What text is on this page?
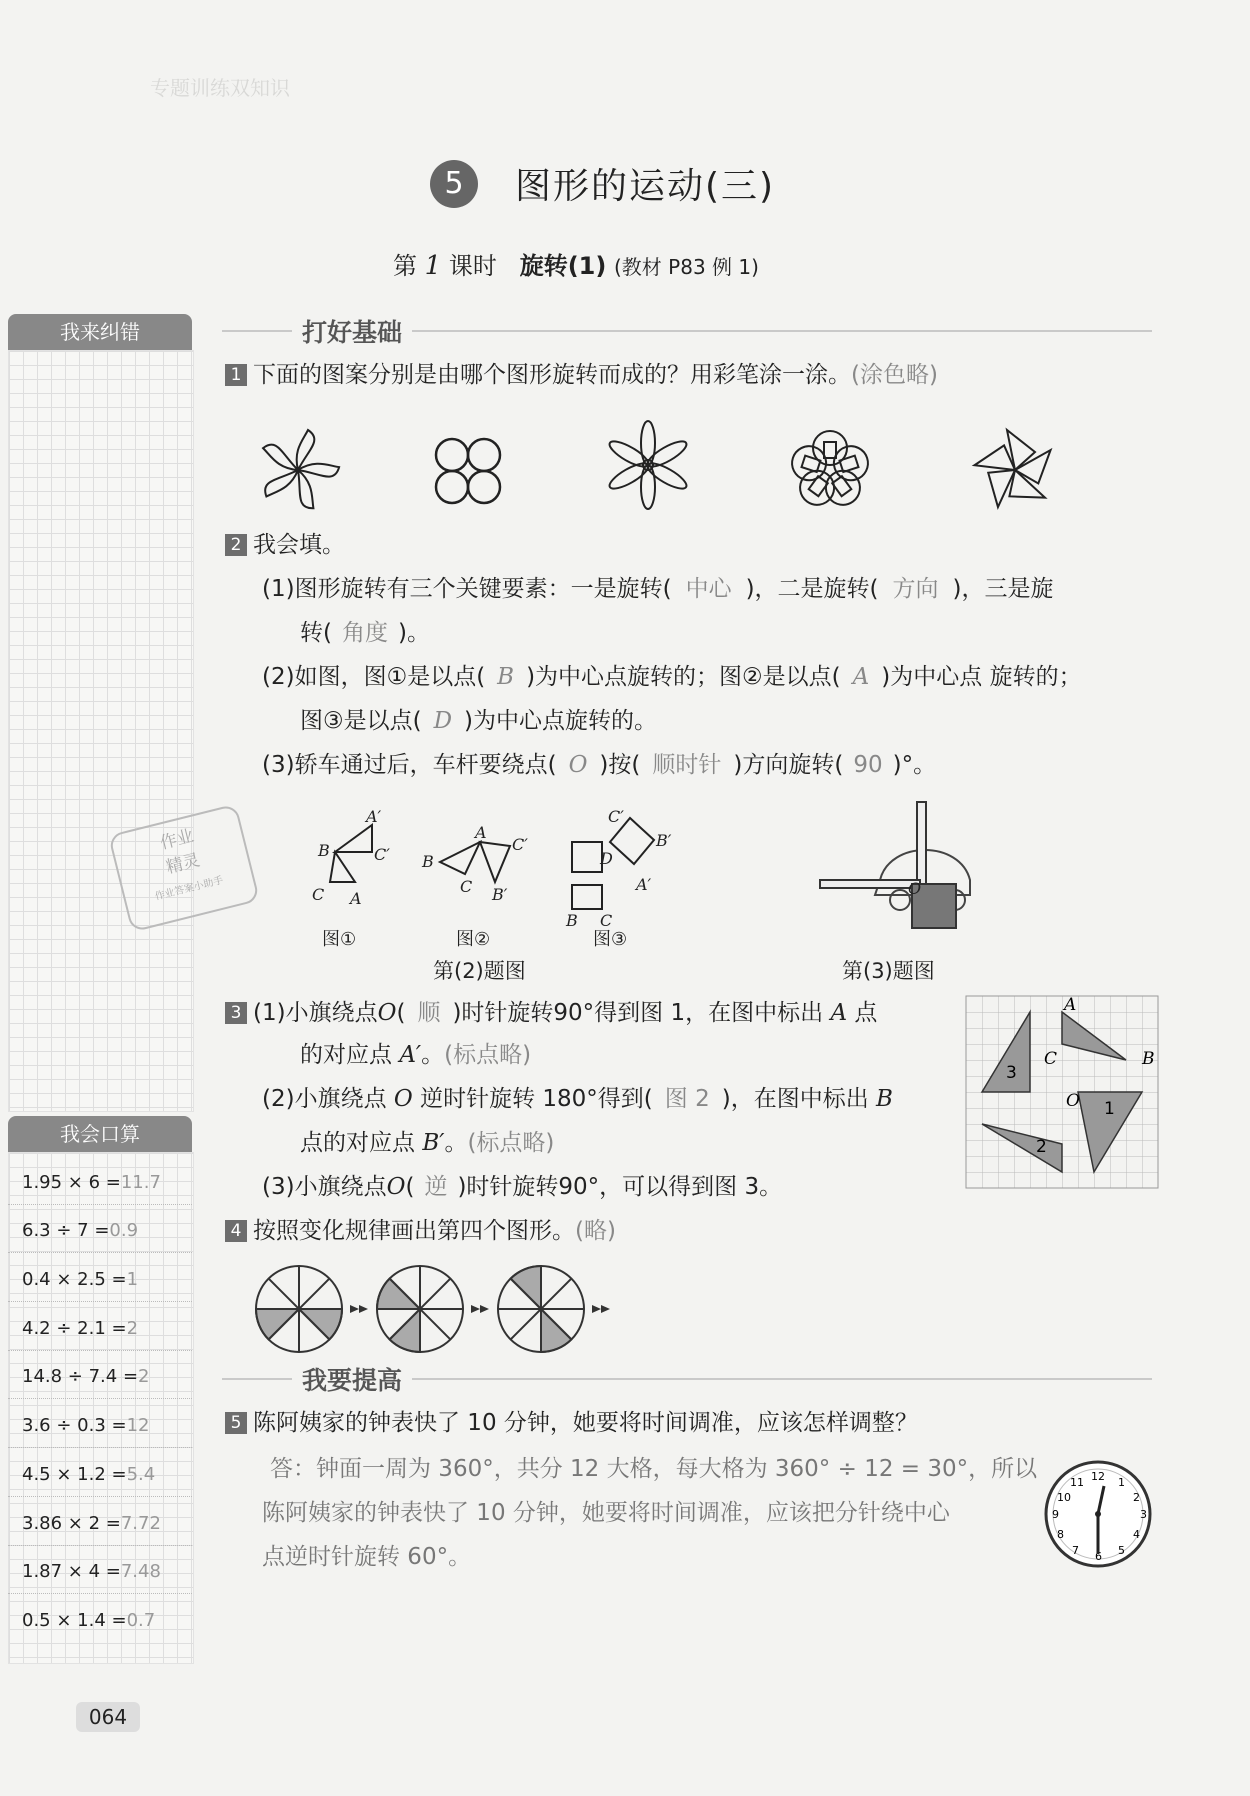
专题训练双知识
5	图形的运动(三)
第 1 课时 旋转(1) (教材 P83 例 1)
我来纠错
我会口算
1.95 × 6 =11.7
6.3 ÷ 7 =0.9
0.4 × 2.5 =1
4.2 ÷ 2.1 =2
14.8 ÷ 7.4 =2
3.6 ÷ 0.3 =12
4.5 × 1.2 =5.4
3.86 × 2 =7.72
1.87 × 4 =7.48
0.5 × 1.4 =0.7
作业
精灵
作业答案小助手
打好基础
1 下面的图案分别是由哪个图形旋转而成的？用彩笔涂一涂。(涂色略)
2 我会填。
(1)图形旋转有三个关键要素：一是旋转( 中心 )，二是旋转( 方向 )，三是旋
转( 角度 )。
(2)如图，图①是以点( B )为中心点旋转的；图②是以点( A )为中心点 旋转的；
图③是以点( D )为中心点旋转的。
(3)轿车通过后，车杆要绕点( O )按( 顺时针 )方向旋转( 90 )°。
A′
B	C′
C A
B
A
C′
C B′
C′
B′
D
B C
A′
图①	图②	图③
第(2)题图
O
第(3)题图
3 (1)小旗绕点O( 顺 )时针旋转90°得到图 1，在图中标出 A 点
的对应点 A′。(标点略)
(2)小旗绕点 O 逆时针旋转 180°得到( 图 2 )，在图中标出 B
点的对应点 B′。(标点略)
(3)小旗绕点O( 逆 )时针旋转90°，可以得到图 3。
A
B
C
O
3
1
2
4 按照变化规律画出第四个图形。(略)
我要提高
5 陈阿姨家的钟表快了 10 分钟，她要将时间调准，应该怎样调整？
答：钟面一周为 360°，共分 12 大格，每大格为 360° ÷ 12 = 30°，所以
陈阿姨家的钟表快了 10 分钟，她要将时间调准，应该把分针绕中心
点逆时针旋转 60°。
12
3
6
9
1
2
4
5
7
8
10
11
064
